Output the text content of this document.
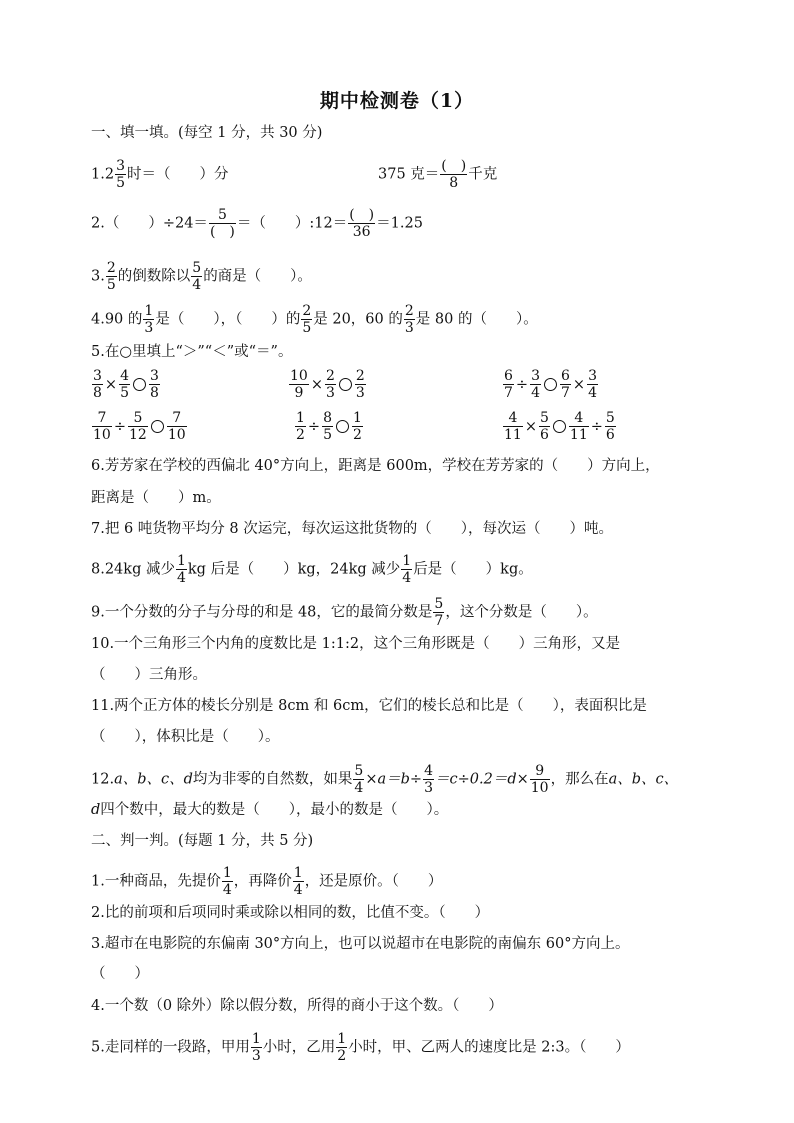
期中检测卷（1）
一、填一填。(每空 1 分，共 30 分)
$1.2 \frac{3}{5}$ 时＝（　　）分	375 克＝ $\frac{( )}{8}$ 千克
2.（　　）$\div 24= \frac{5}{( )}$ ＝（　　）:12＝ $\frac{( )}{36} =1.25$
3. $\frac{2}{5}$ 的倒数除以 $\frac{5}{4}$ 的商是（　　）。
4.90 的 $\frac{1}{3}$ 是（　　），（　　）的 $\frac{2}{5}$ 是 20，60 的 $\frac{2}{3}$ 是 80 的（　　）。
5.在○里填上“＞”“＜”或“＝”。
$\frac{3}{8} \times \frac{4}{5} \frac{3}{8}$	$\frac{10}{9} \times \frac{2}{3} \frac{2}{3}$	$\frac{6}{7} \div \frac{3}{4} \frac{6}{7} \times \frac{3}{4}$
$\frac{7}{10} \div \frac{5}{12} \frac{7}{10}$	$\frac{1}{2} \div \frac{8}{5} \frac{1}{2}$	$\frac{4}{11} \times \frac{5}{6} \frac{4}{11} \div \frac{5}{6}$
6.芳芳家在学校的西偏北 40°方向上，距离是 600m，学校在芳芳家的（　　）方向上，
距离是（　　）m。
7.把 6 吨货物平均分 8 次运完，每次运这批货物的（　　），每次运（　　）吨。
8.24kg 减少 $\frac{1}{4}$ kg 后是（　　）kg，24kg 减少 $\frac{1}{4}$ 后是（　　）kg。
9.一个分数的分子与分母的和是 48，它的最简分数是 $\frac{5}{7}$ ，这个分数是（　　）。
10.一个三角形三个内角的度数比是 1:1:2，这个三角形既是（　　）三角形，又是
（　　）三角形。
11.两个正方体的棱长分别是 8cm 和 6cm，它们的棱长总和比是（　　），表面积比是
（　　），体积比是（　　）。
12.a、b、c、d均为非零的自然数，如果 $\frac{5}{4} \times a=b\div \frac{4}{3} =c\div 0.2=d\times \frac{9}{10}$ ，那么在a、b、c、
d四个数中，最大的数是（　　），最小的数是（　　）。
二、判一判。(每题 1 分，共 5 分)
1.一种商品，先提价 $\frac{1}{4}$ ，再降价 $\frac{1}{4}$ ，还是原价。（　　）
2.比的前项和后项同时乘或除以相同的数，比值不变。（　　）
3.超市在电影院的东偏南 30°方向上，也可以说超市在电影院的南偏东 60°方向上。
（　　）
4.一个数（0 除外）除以假分数，所得的商小于这个数。（　　）
5.走同样的一段路，甲用 $\frac{1}{3}$ 小时，乙用 $\frac{1}{2}$ 小时，甲、乙两人的速度比是 2:3。（　　）
